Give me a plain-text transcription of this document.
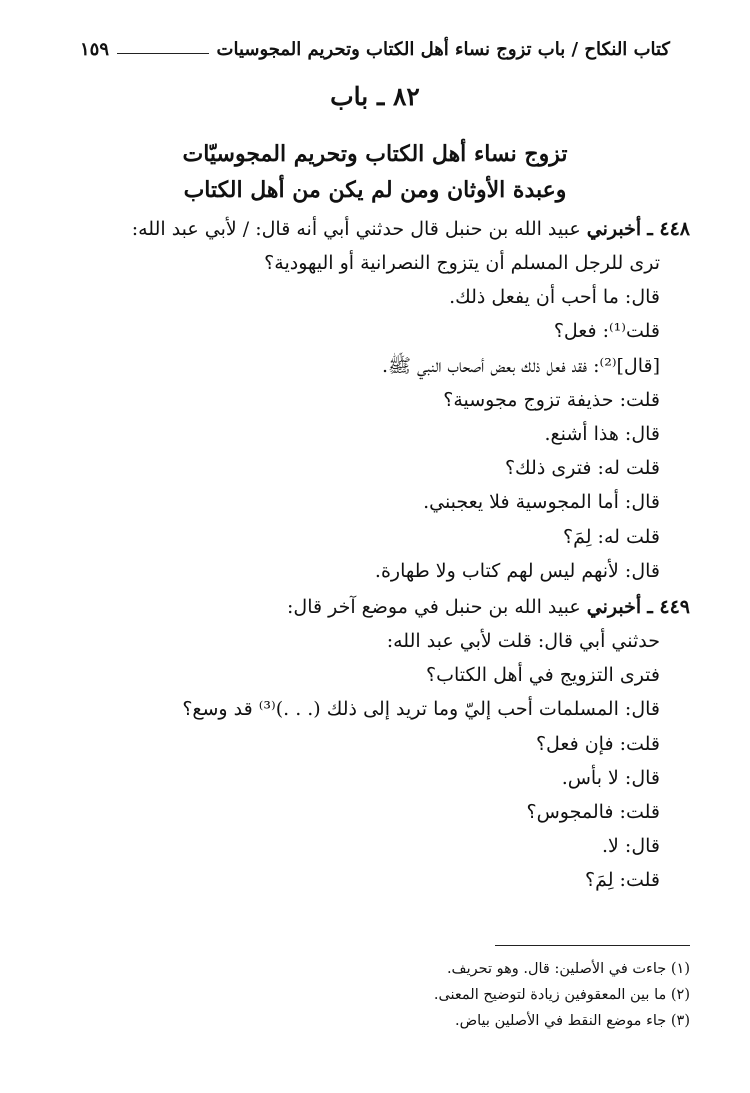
كتاب النكاح / باب تزوج نساء أهل الكتاب وتحريم المجوسيات
١٥٩
٨٢ ـ باب
تزوج نساء أهل الكتاب وتحريم المجوسيّات
وعبدة الأوثان ومن لم يكن من أهل الكتاب

٤٤٨ ـ أخبرني عبيد الله بن حنبل قال حدثني أبي أنه قال: / لأبي عبد الله:

ترى للرجل المسلم أن يتزوج النصرانية أو اليهودية؟
قال: ما أحب أن يفعل ذلك.
قلت⁽¹⁾: فعل؟
[قال]⁽²⁾: فقد فعل ذلك بعض أصحاب النبي ﷺ.
قلت: حذيفة تزوج مجوسية؟
قال: هذا أشنع.
قلت له: فترى ذلك؟
قال: أما المجوسية فلا يعجبني.
قلت له: لِمَ؟
قال: لأنهم ليس لهم كتاب ولا طهارة.

٤٤٩ ـ أخبرني عبيد الله بن حنبل في موضع آخر قال:

حدثني أبي قال: قلت لأبي عبد الله:
فترى التزويج في أهل الكتاب؟
قال: المسلمات أحب إليّ وما تريد إلى ذلك (. . .)⁽³⁾ قد وسع؟
قلت: فإن فعل؟
قال: لا بأس.
قلت: فالمجوس؟
قال: لا.
قلت: لِمَ؟
(١) جاءت في الأصلين: قال. وهو تحريف.
(٢) ما بين المعقوفين زيادة لتوضيح المعنى.
(٣) جاء موضع النقط في الأصلين بياض.
